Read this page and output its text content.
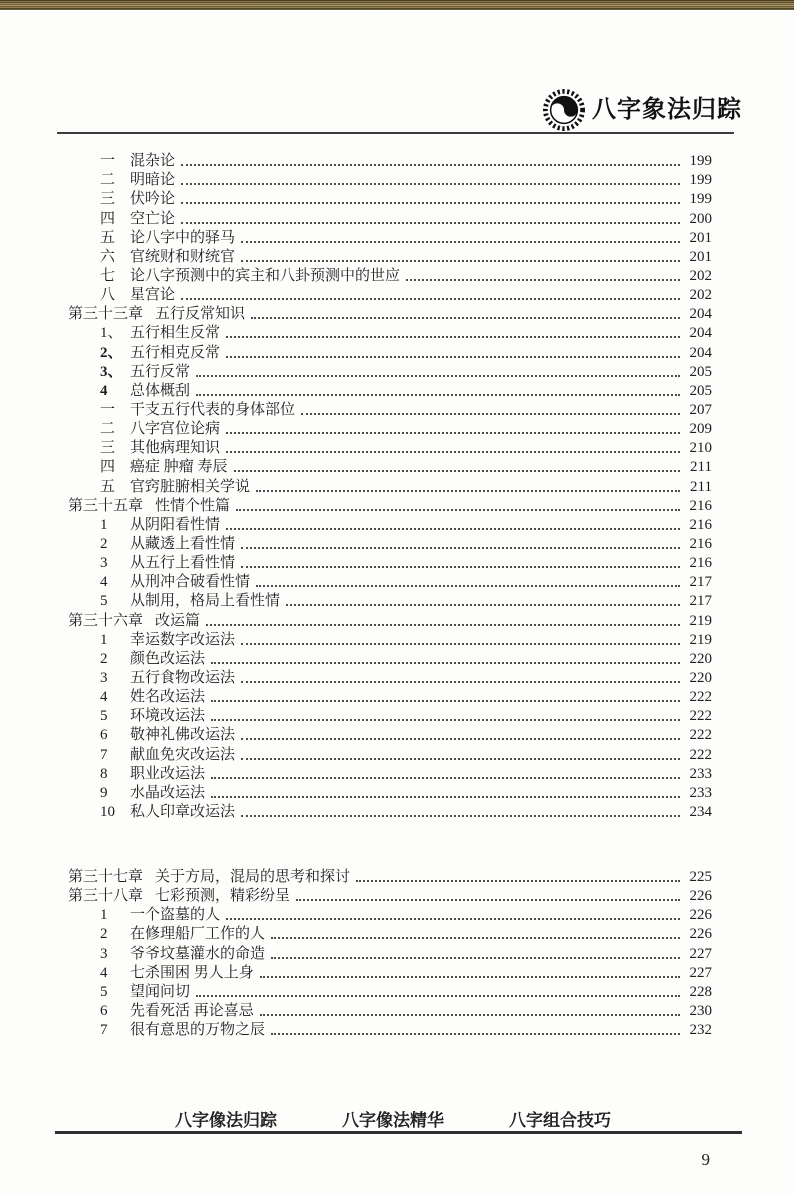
八字象法归踪
一 混杂论	199
二 明暗论	199
三 伏吟论	199
四 空亡论	200
五 论八字中的驿马	201
六 官统财和财统官	201
七 论八字预测中的宾主和八卦预测中的世应	202
八 星宫论	202
第三十三章 五行反常知识	204
1、 五行相生反常	204
2、 五行相克反常	204
3、 五行反常	205
4	总体概刮	205
一 干支五行代表的身体部位	207
二 八字宫位论病	209
三 其他病理知识	210
四 癌症 肿瘤 寿辰	211
五 官窍脏腑相关学说	211
第三十五章 性情个性篇	216
1	从阴阳看性情	216
2	从藏透上看性情	216
3	从五行上看性情	216
4	从刑冲合破看性情	217
5	从制用，格局上看性情	217
第三十六章 改运篇	219
1	幸运数字改运法	219
2	颜色改运法	220
3	五行食物改运法	220
4	姓名改运法	222
5	环境改运法	222
6	敬神礼佛改运法	222
7	献血免灾改运法	222
8	职业改运法	233
9	水晶改运法	233
10	私人印章改运法	234
第三十七章 关于方局，混局的思考和探讨	225
第三十八章 七彩预测，精彩纷呈	226
1	一个盗墓的人	226
2	在修理船厂工作的人	226
3	爷爷坟墓灌水的命造	227
4	七杀围困 男人上身	227
5	望闻问切	228
6	先看死活 再论喜忌	230
7	很有意思的万物之辰	232
八字像法归踪	八字像法精华	八字组合技巧
9
